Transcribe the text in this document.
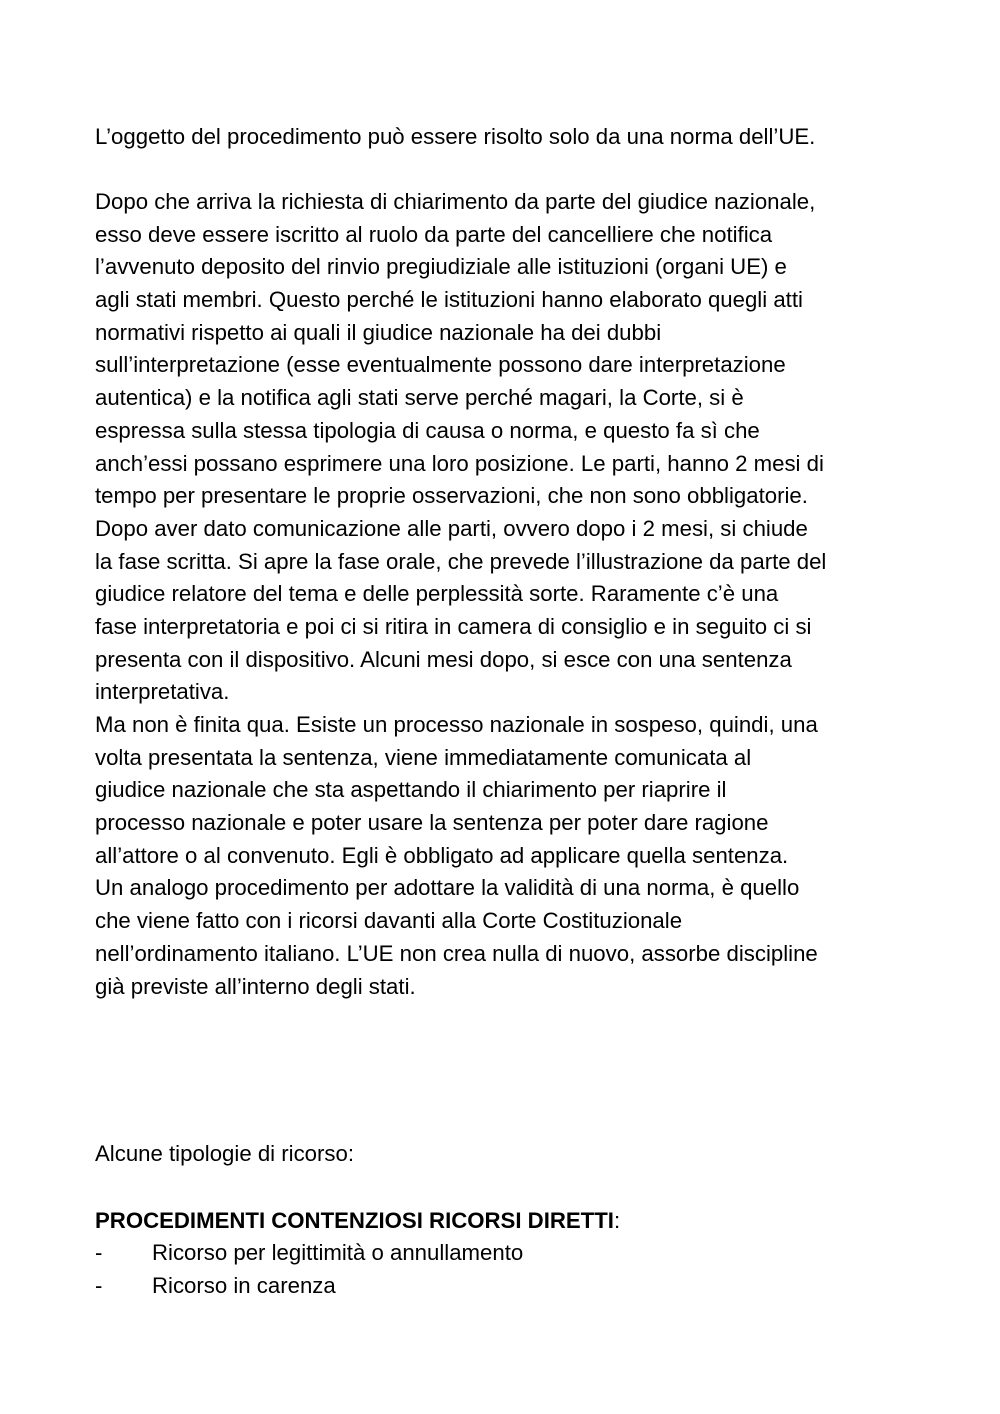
L’oggetto del procedimento può essere risolto solo da una norma dell’UE.

Dopo che arriva la richiesta di chiarimento da parte del giudice nazionale,
esso deve essere iscritto al ruolo da parte del cancelliere che notifica
l’avvenuto deposito del rinvio pregiudiziale alle istituzioni (organi UE) e
agli stati membri. Questo perché le istituzioni hanno elaborato quegli atti
normativi rispetto ai quali il giudice nazionale ha dei dubbi
sull’interpretazione (esse eventualmente possono dare interpretazione
autentica) e la notifica agli stati serve perché magari, la Corte, si è
espressa sulla stessa tipologia di causa o norma, e questo fa sì che
anch’essi possano esprimere una loro posizione. Le parti, hanno 2 mesi di
tempo per presentare le proprie osservazioni, che non sono obbligatorie.
Dopo aver dato comunicazione alle parti, ovvero dopo i 2 mesi, si chiude
la fase scritta. Si apre la fase orale, che prevede l’illustrazione da parte del
giudice relatore del tema e delle perplessità sorte. Raramente c’è una
fase interpretatoria e poi ci si ritira in camera di consiglio e in seguito ci si
presenta con il dispositivo. Alcuni mesi dopo, si esce con una sentenza
interpretativa.
Ma non è finita qua. Esiste un processo nazionale in sospeso, quindi, una
volta presentata la sentenza, viene immediatamente comunicata al
giudice nazionale che sta aspettando il chiarimento per riaprire il
processo nazionale e poter usare la sentenza per poter dare ragione
all’attore o al convenuto. Egli è obbligato ad applicare quella sentenza.
Un analogo procedimento per adottare la validità di una norma, è quello
che viene fatto con i ricorsi davanti alla Corte Costituzionale
nell’ordinamento italiano. L’UE non crea nulla di nuovo, assorbe discipline
già previste all’interno degli stati.

Alcune tipologie di ricorso:

PROCEDIMENTI CONTENZIOSI RICORSI DIRETTI:

- Ricorso per legittimità o annullamento
- Ricorso in carenza
